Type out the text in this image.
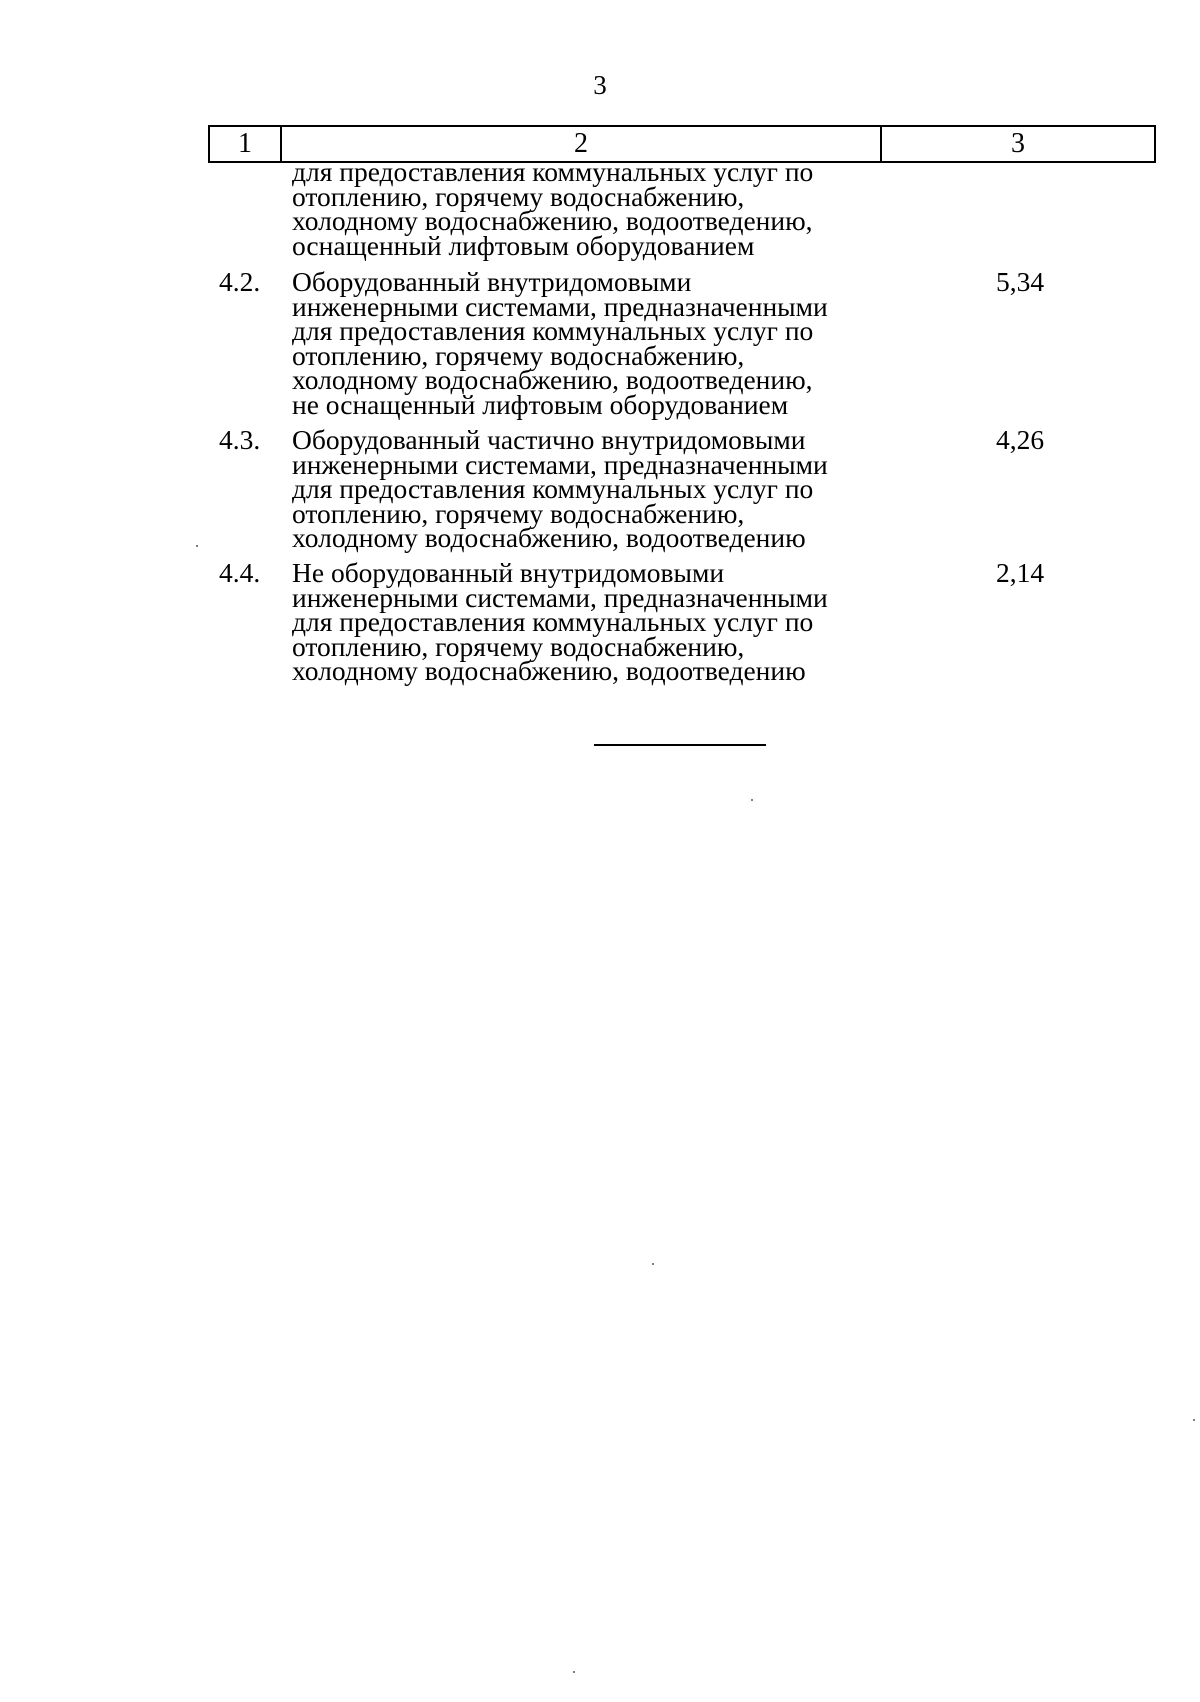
3
1	2	3
для предоставления коммунальных услуг по
отоплению, горячему водоснабжению,
холодному водоснабжению, водоотведению,
оснащенный лифтовым оборудованием
4.2.	Оборудованный внутридомовыми
инженерными системами, предназначенными
для предоставления коммунальных услуг по
отоплению, горячему водоснабжению,
холодному водоснабжению, водоотведению,
не оснащенный лифтовым оборудованием
5,34
4.3.	Оборудованный частично внутридомовыми
инженерными системами, предназначенными
для предоставления коммунальных услуг по
отоплению, горячему водоснабжению,
холодному водоснабжению, водоотведению
4,26
4.4.	Не оборудованный внутридомовыми
инженерными системами, предназначенными
для предоставления коммунальных услуг по
отоплению, горячему водоснабжению,
холодному водоснабжению, водоотведению
2,14
